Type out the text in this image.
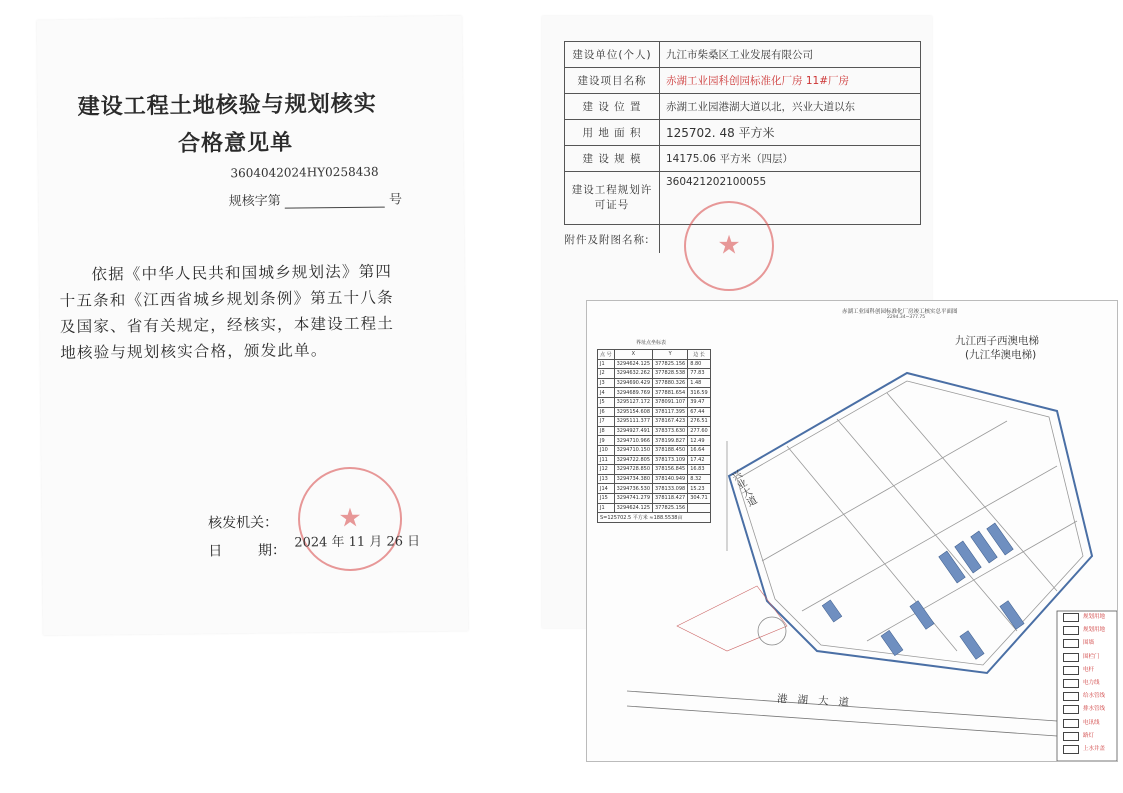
建设工程土地核验与规划核实
合格意见单
3604042024HY0258438
规核字第	号
依据《中华人民共和国城乡规划法》第四
十五条和《江西省城乡规划条例》第五十八条
及国家、省有关规定，经核实，本建设工程土
地核验与规划核实合格，颁发此单。
★
核发机关：
日        期：
2024 年 11 月 26 日
建设单位(个人)	九江市柴桑区工业发展有限公司
建设项目名称	赤湖工业园科创园标准化厂房 11#厂房
建 设 位 置	赤湖工业园港湖大道以北，兴业大道以东
用 地 面 积	125702. 48 平方米
建 设 规 模	14175.06 平方米（四层）
建设工程规划许可证号	360421202100055
附件及附图名称:		★
赤湖工业园科创园标准化厂房竣工核实总平面图
2294.34~377.75
界址点坐标表
点 号	X	Y	边 长
J1	3294624.125	377825.156	8.80
J2	3294632.262	377828.538	77.83
J3	3294690.429	377880.326	1.48
J4	3294689.769	377881.654	316.59
J5	3295127.172	378091.107	39.47
J6	3295154.608	378117.395	67.44
J7	3295111.377	378167.423	276.51
J8	3294927.491	378373.630	277.60
J9	3294710.966	378199.827	12.49
J10	3294710.150	378188.450	16.64
J11	3294722.805	378173.109	17.42
J12	3294728.850	378156.845	16.83
J13	3294734.380	378140.949	8.32
J14	3294736.530	378133.098	15.23
J15	3294741.279	378118.427	304.71
J1	3294624.125	377825.156	
S=125702.5 平方米 ≈188.5538亩			
九江西子西澳电梯
(九江华澳电梯)
兴业大道
港湖大道
规划用地
规划用地
围墙
围栏门
电杆
电力线
给水管线
排水管线
电讯线
路灯
上水井盖
